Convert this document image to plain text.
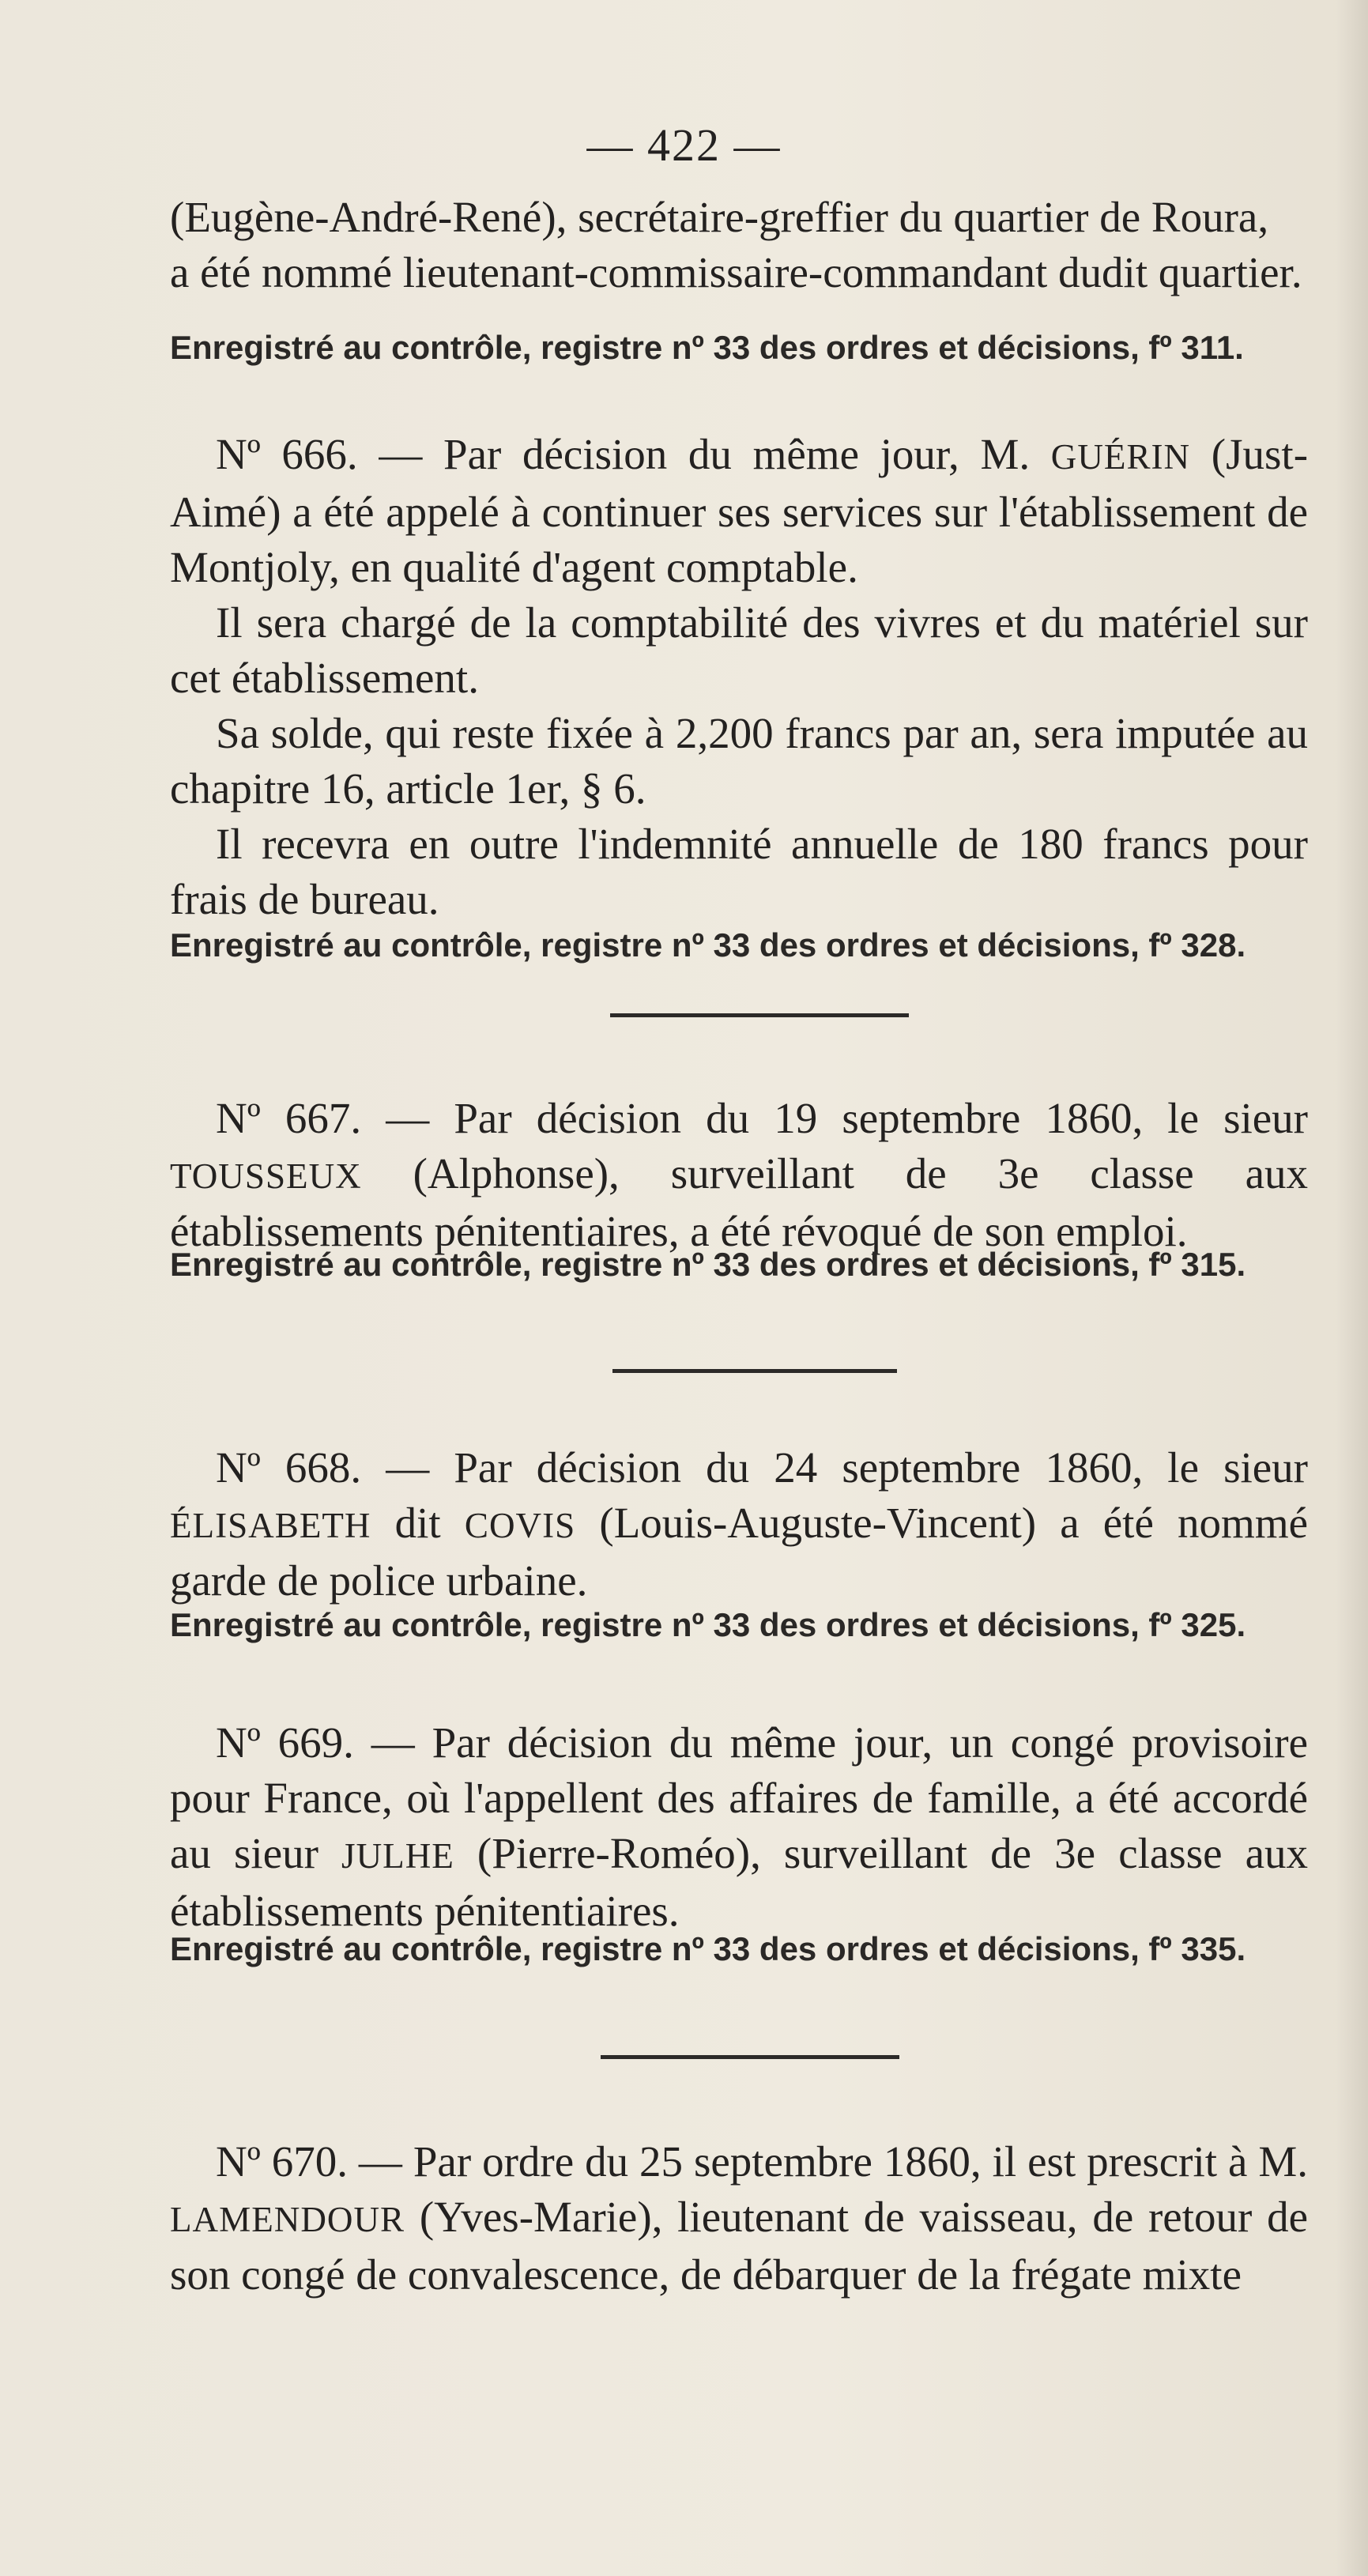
— 422 —

(Eugène-André-René), secrétaire-greffier du quartier de Roura,

a été nommé lieutenant-commissaire-commandant dudit quartier.

Enregistré au contrôle, registre nº 33 des ordres et décisions, fº 311.

Nº 666. — Par décision du même jour, M. GUÉRIN (Just-Aimé) a été appelé à continuer ses services sur l'établissement de Montjoly, en qualité d'agent comptable.

Il sera chargé de la comptabilité des vivres et du matériel sur cet établissement.

Sa solde, qui reste fixée à 2,200 francs par an, sera imputée au chapitre 16, article 1er, § 6.

Il recevra en outre l'indemnité annuelle de 180 francs pour frais de bureau.

Enregistré au contrôle, registre nº 33 des ordres et décisions, fº 328.

Nº 667. — Par décision du 19 septembre 1860, le sieur TOUSSEUX (Alphonse), surveillant de 3e classe aux établissements pénitentiaires, a été révoqué de son emploi.

Enregistré au contrôle, registre nº 33 des ordres et décisions, fº 315.

Nº 668. — Par décision du 24 septembre 1860, le sieur ÉLISABETH dit COVIS (Louis-Auguste-Vincent) a été nommé garde de police urbaine.

Enregistré au contrôle, registre nº 33 des ordres et décisions, fº 325.

Nº 669. — Par décision du même jour, un congé provisoire pour France, où l'appellent des affaires de famille, a été accordé au sieur JULHE (Pierre-Roméo), surveillant de 3e classe aux établissements pénitentiaires.

Enregistré au contrôle, registre nº 33 des ordres et décisions, fº 335.

Nº 670. — Par ordre du 25 septembre 1860, il est prescrit à M. LAMENDOUR (Yves-Marie), lieutenant de vaisseau, de retour de son congé de convalescence, de débarquer de la frégate mixte
